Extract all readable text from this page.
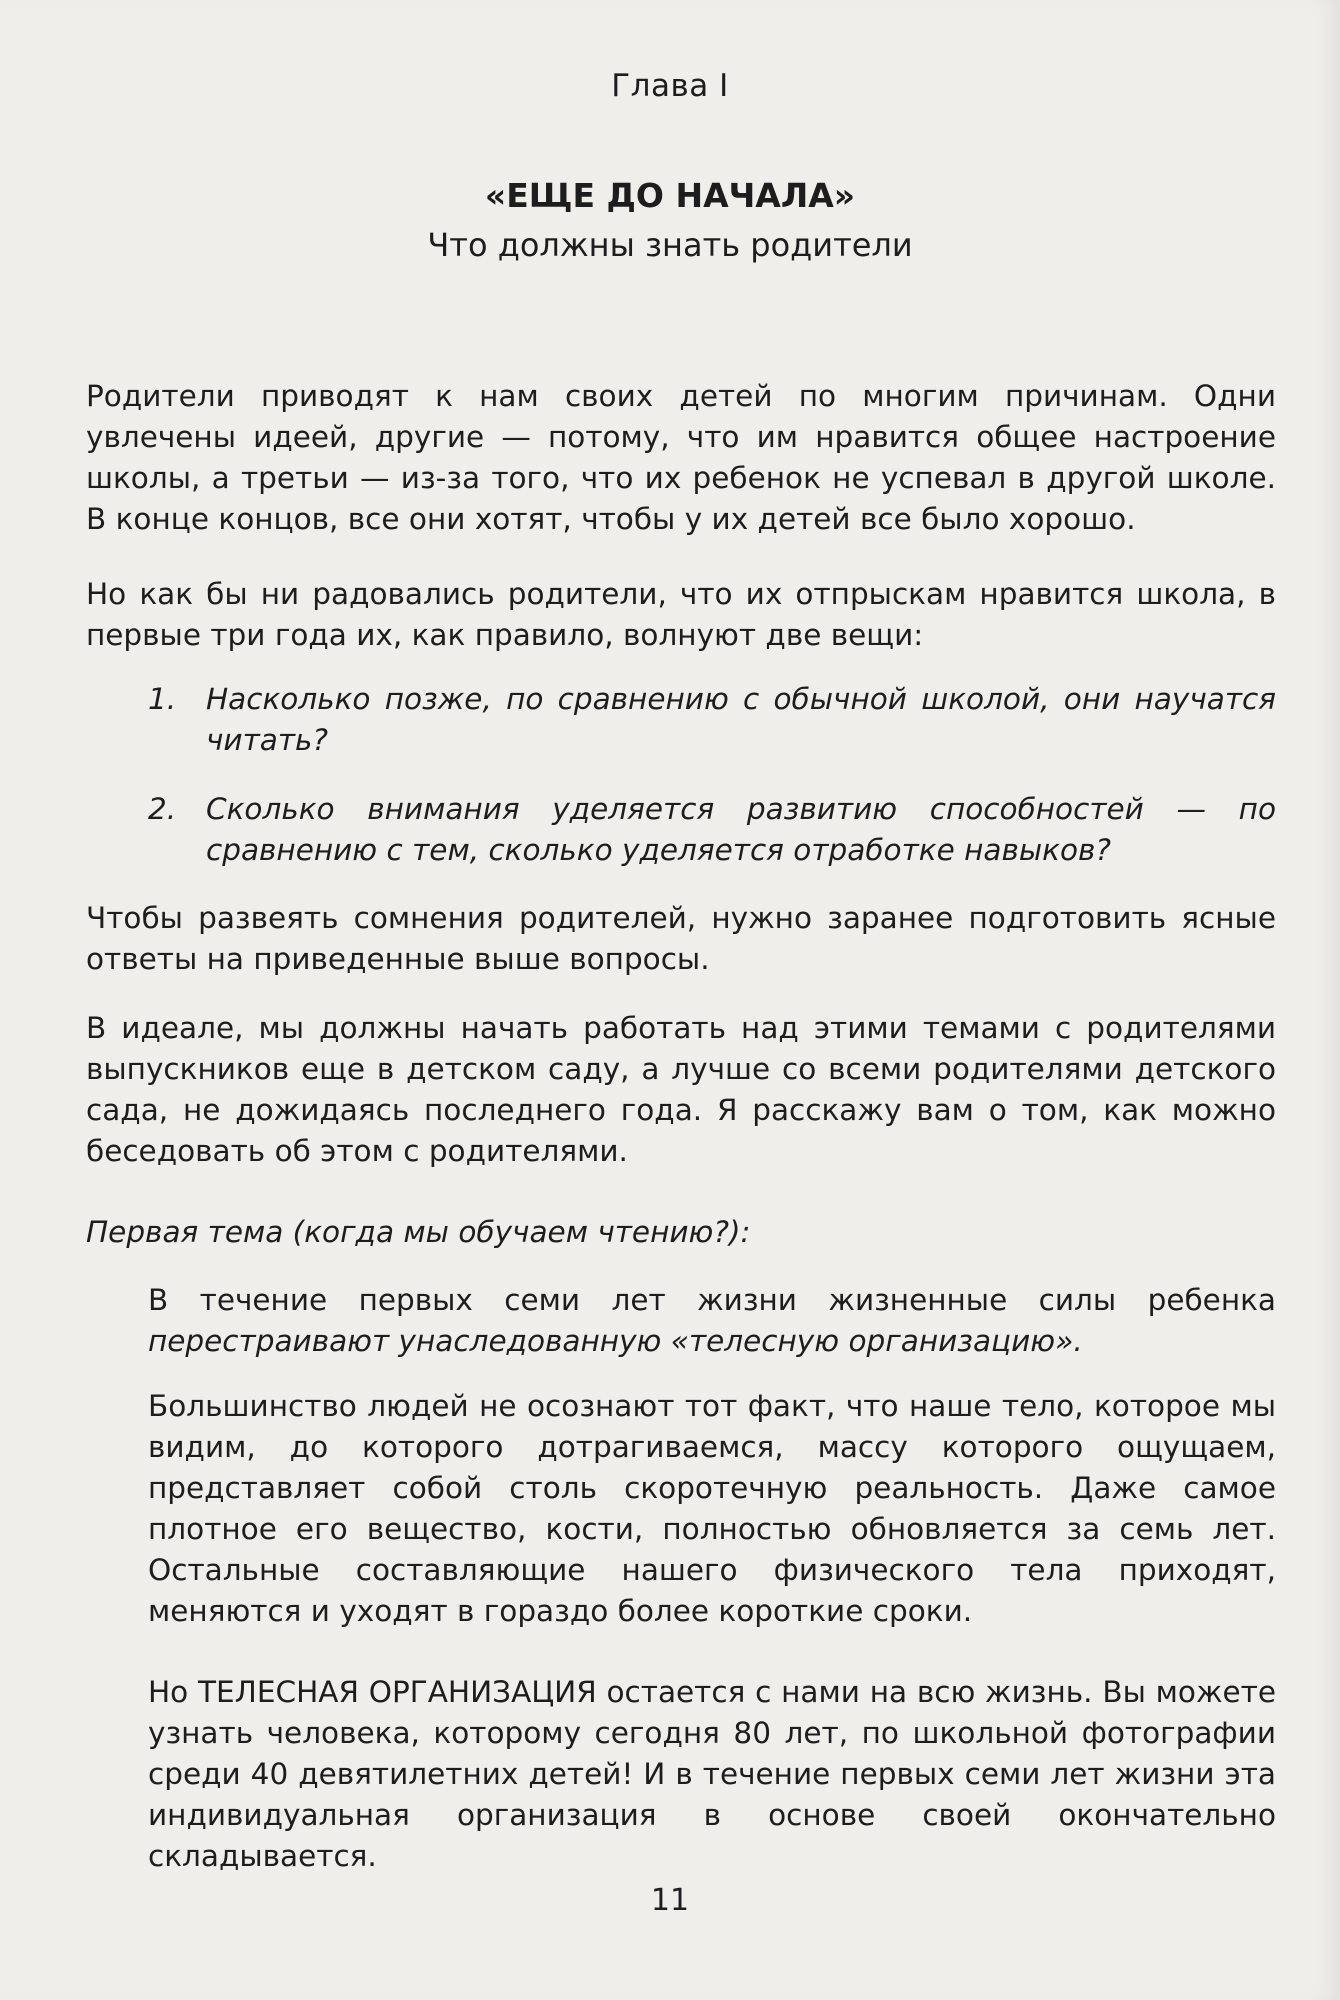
Глава I
«ЕЩЕ ДО НАЧАЛА»
Что должны знать родители

Родители приводят к нам своих детей по многим причинам. Одни увлечены идеей, другие — потому, что им нравится общее настроение школы, а третьи — из-за того, что их ребенок не успевал в другой школе. В конце концов, все они хотят, чтобы у их детей все было хорошо.

Но как бы ни радовались родители, что их отпрыскам нравится школа, в первые три года их, как правило, волнуют две вещи:

1. Насколько позже, по сравнению с обычной школой, они научатся читать?
2. Сколько внимания уделяется развитию способностей — по сравнению с тем, сколько уделяется отработке навыков?

Чтобы развеять сомнения родителей, нужно заранее подготовить ясные ответы на приведенные выше вопросы.

В идеале, мы должны начать работать над этими темами с родителями выпускников еще в детском саду, а лучше со всеми родителями детского сада, не дожидаясь последнего года. Я расскажу вам о том, как можно беседовать об этом с родителями.

Первая тема (когда мы обучаем чтению?):

В течение первых семи лет жизни жизненные силы ребенка перестраивают унаследованную «телесную организацию».

Большинство людей не осознают тот факт, что наше тело, которое мы видим, до которого дотрагиваемся, массу которого ощущаем, представляет собой столь скоротечную реальность. Даже самое плотное его вещество, кости, полностью обновляется за семь лет. Остальные составляющие нашего физического тела приходят, меняются и уходят в гораздо более короткие сроки.

Но ТЕЛЕСНАЯ ОРГАНИЗАЦИЯ остается с нами на всю жизнь. Вы можете узнать человека, которому сегодня 80 лет, по школьной фотографии среди 40 девятилетних детей! И в течение первых семи лет жизни эта индивидуальная организация в основе своей окончательно складывается.

11
